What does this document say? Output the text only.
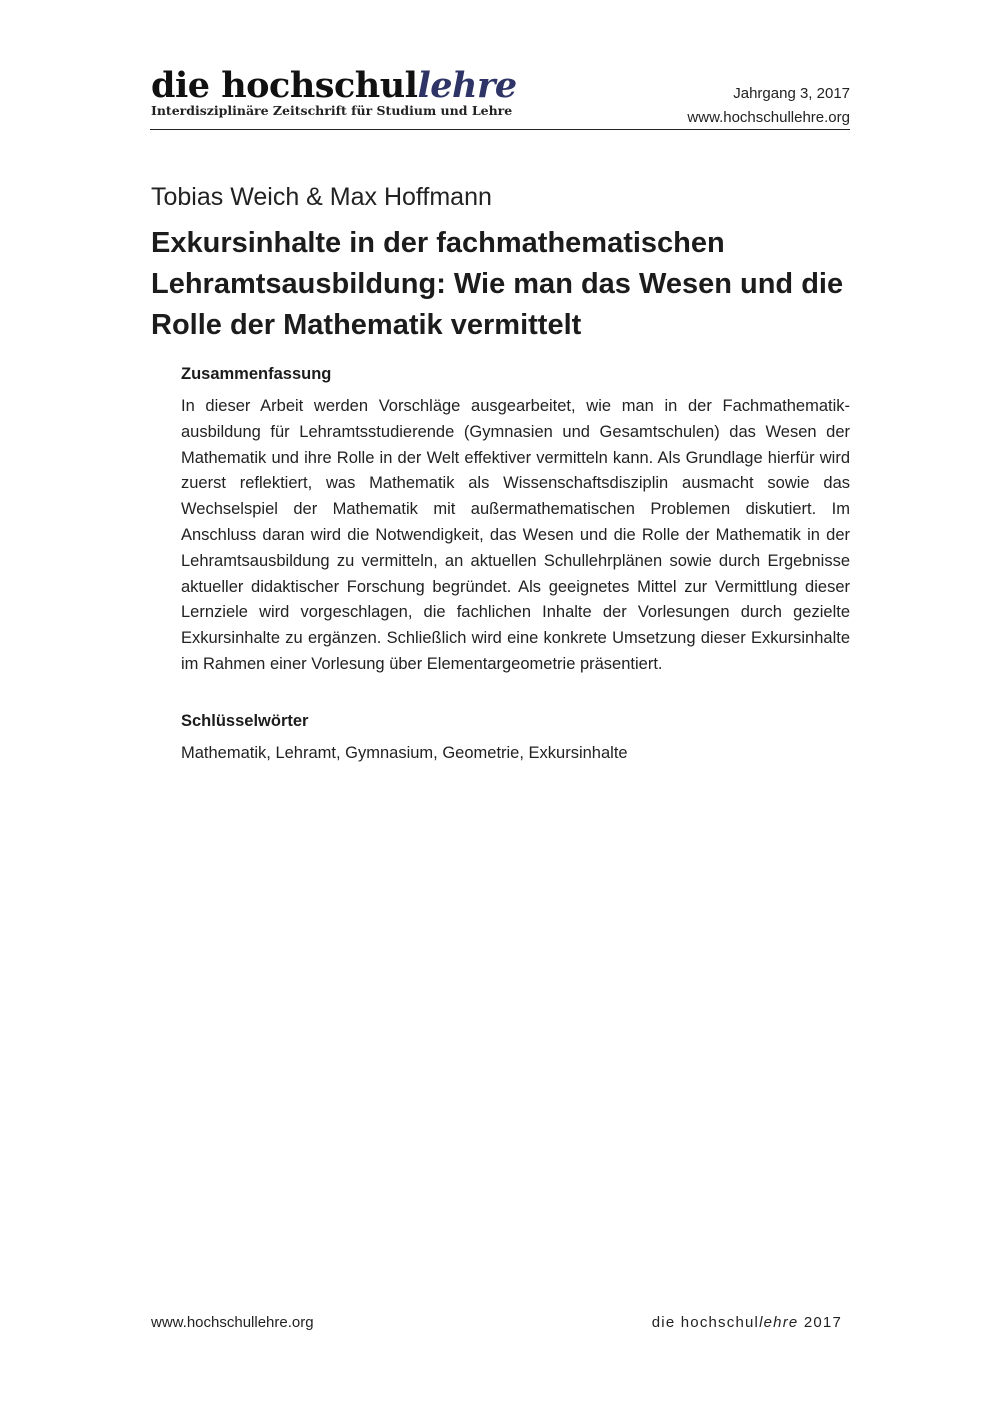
die hochschullehre
Interdisziplinäre Zeitschrift für Studium und Lehre
Jahrgang 3, 2017
www.hochschullehre.org
Tobias Weich & Max Hoffmann
Exkursinhalte in der fachmathematischen Lehramtsausbildung: Wie man das Wesen und die Rolle der Mathematik vermittelt
Zusammenfassung

In dieser Arbeit werden Vorschläge ausgearbeitet, wie man in der Fachmathematikausbildung für Lehramtsstudierende (Gymnasien und Gesamtschulen) das Wesen der Mathematik und ihre Rolle in der Welt effektiver vermitteln kann. Als Grundlage hierfür wird zuerst reflektiert, was Mathematik als Wissenschaftsdisziplin ausmacht sowie das Wechselspiel der Mathematik mit außermathematischen Problemen diskutiert. Im Anschluss daran wird die Notwendigkeit, das Wesen und die Rolle der Mathematik in der Lehramtsausbildung zu vermitteln, an aktuellen Schullehrplänen sowie durch Ergebnisse aktueller didaktischer Forschung begründet. Als geeignetes Mittel zur Vermittlung dieser Lernziele wird vorgeschlagen, die fachlichen Inhalte der Vorlesungen durch gezielte Exkursinhalte zu ergänzen. Schließlich wird eine konkrete Umsetzung dieser Exkursinhalte im Rahmen einer Vorlesung über Elementargeometrie präsentiert.

Schlüsselwörter

Mathematik, Lehramt, Gymnasium, Geometrie, Exkursinhalte

www.hochschullehre.org	die hochschullehre 2017
